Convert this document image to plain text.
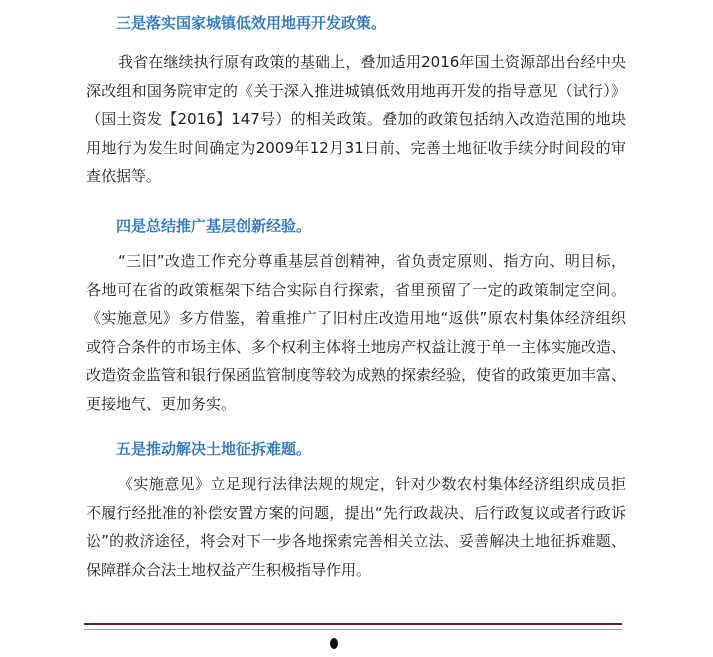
三是落实国家城镇低效用地再开发政策。
我省在继续执行原有政策的基础上，叠加适用2016年国土资源部出台经中央深改组和国务院审定的《关于深入推进城镇低效用地再开发的指导意见（试行）》（国土资发【2016】147号）的相关政策。叠加的政策包括纳入改造范围的地块用地行为发生时间确定为2009年12月31日前、完善土地征收手续分时间段的审查依据等。
四是总结推广基层创新经验。
“三旧”改造工作充分尊重基层首创精神，省负责定原则、指方向、明目标，各地可在省的政策框架下结合实际自行探索，省里预留了一定的政策制定空间。《实施意见》多方借鉴，着重推广了旧村庄改造用地“返供”原农村集体经济组织或符合条件的市场主体、多个权利主体将土地房产权益让渡于单一主体实施改造、改造资金监管和银行保函监管制度等较为成熟的探索经验，使省的政策更加丰富、更接地气、更加务实。
五是推动解决土地征拆难题。
《实施意见》立足现行法律法规的规定，针对少数农村集体经济组织成员拒不履行经批准的补偿安置方案的问题，提出“先行政裁决、后行政复议或者行政诉讼”的救济途径，将会对下一步各地探索完善相关立法、妥善解决土地征拆难题、保障群众合法土地权益产生积极指导作用。
